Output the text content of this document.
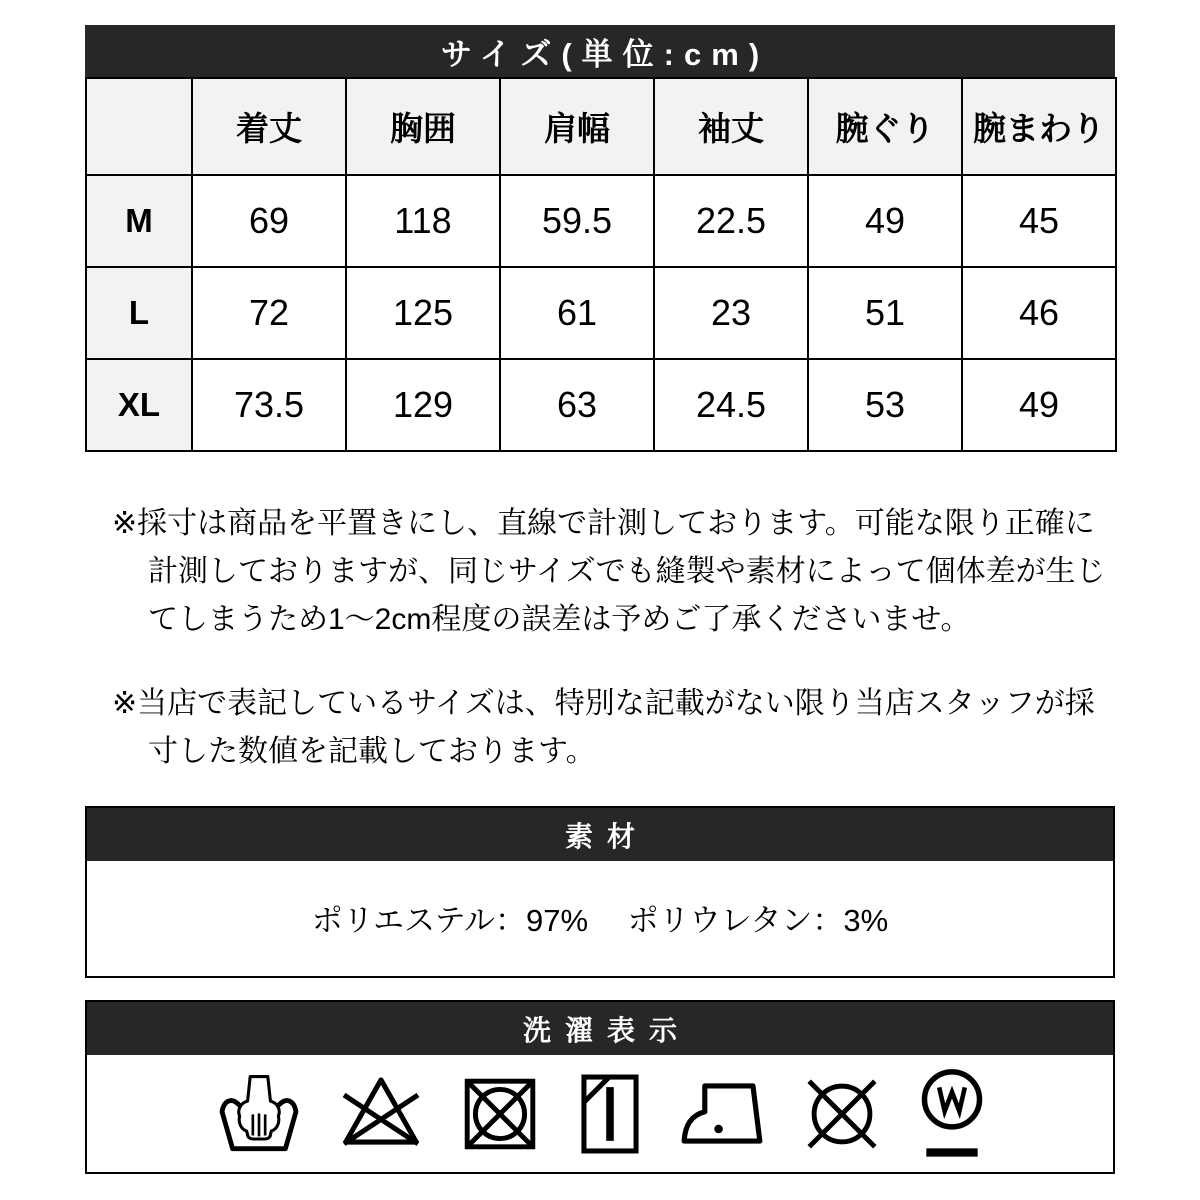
サイズ(単位:cm)
	着丈	胸囲	肩幅	袖丈	腕ぐり	腕まわり
M	69	118	59.5	22.5	49	45
L	72	125	61	23	51	46
XL	73.5	129	63	24.5	53	49
※採寸は商品を平置きにし、直線で計測しております。可能な限り正確に
計測しておりますが、同じサイズでも縫製や素材によって個体差が生じ
てしまうため1〜2cm程度の誤差は予めご了承くださいませ。
※当店で表記しているサイズは、特別な記載がない限り当店スタッフが採
寸した数値を記載しております。
素材
ポリエステル：97%　 ポリウレタン：3%
洗濯表示
